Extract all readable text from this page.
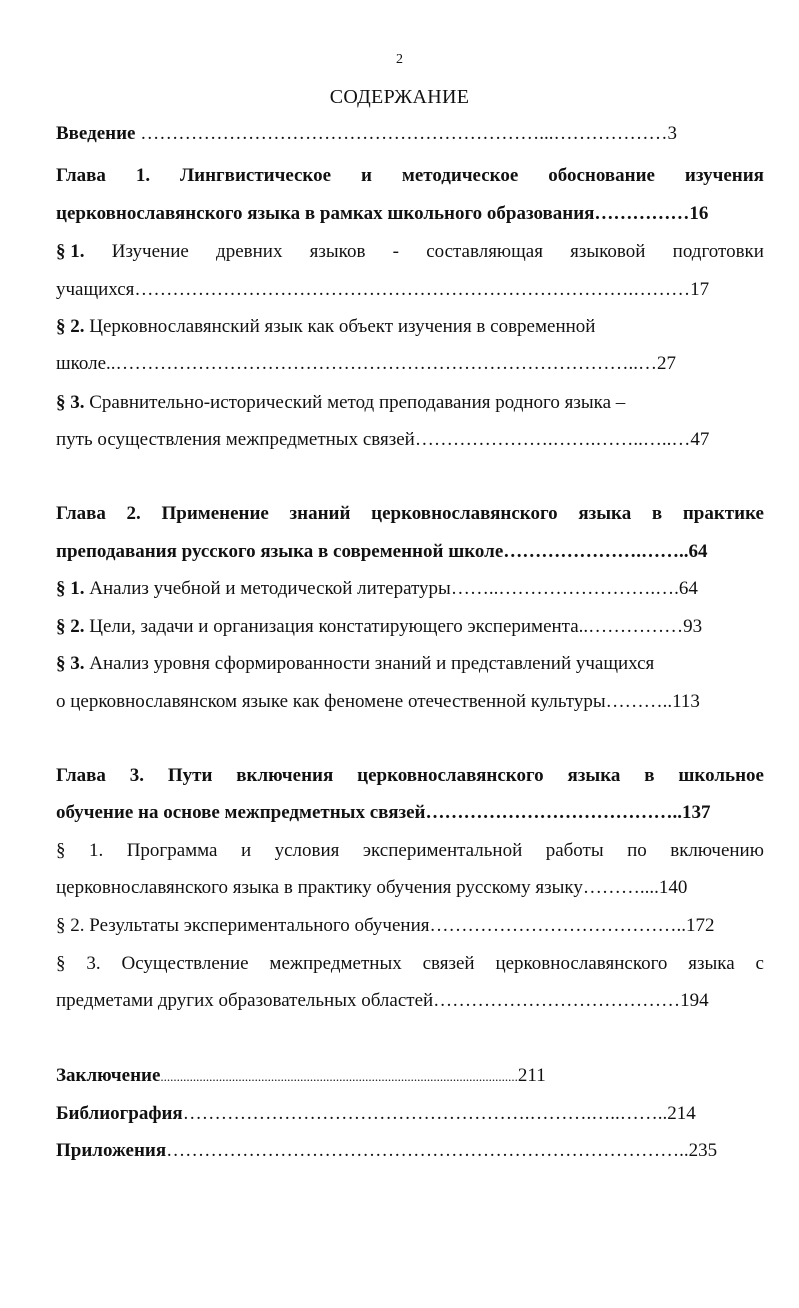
2
СОДЕРЖАНИЕ
Введение ………………………………………………………...………………3
Глава 1. Лингвистическое и методическое обоснование изучения
церковнославянского языка в рамках школьного образования……………16
§ 1. Изучение древних языков - составляющая языковой подготовки
учащихся…………………………………………………………………….………17
§ 2. Церковнославянский язык как объект изучения в современной
школе..………………………………………………………………………..…27
§ 3. Сравнительно-исторический метод преподавания родного языка –
путь осуществления межпредметных связей………………….…….……..…..…47
Глава 2. Применение знаний церковнославянского языка в практике
преподавания русского языка в современной школе………………….……..64
§ 1. Анализ учебной и методической литературы……..…………………….….64
§ 2. Цели, задачи и организация констатирующего эксперимента..……………93
§ 3. Анализ уровня сформированности знаний и представлений учащихся
о церковнославянском языке как феномене отечественной культуры………..113
Глава 3. Пути включения церковнославянского языка в школьное
обучение на основе межпредметных связей…………………………………..137
§ 1. Программа и условия экспериментальной работы по включению
церковнославянского языка в практику обучения русскому языку………....140
§ 2. Результаты экспериментального обучения…………………………………..172
§ 3. Осуществление межпредметных связей церковнославянского языка с
предметами других образовательных областей…………………………………194
Заключение..............................................................................................................211
Библиография……………………………………………….……….…..……..214
Приложения………………………………………………………………………..235
